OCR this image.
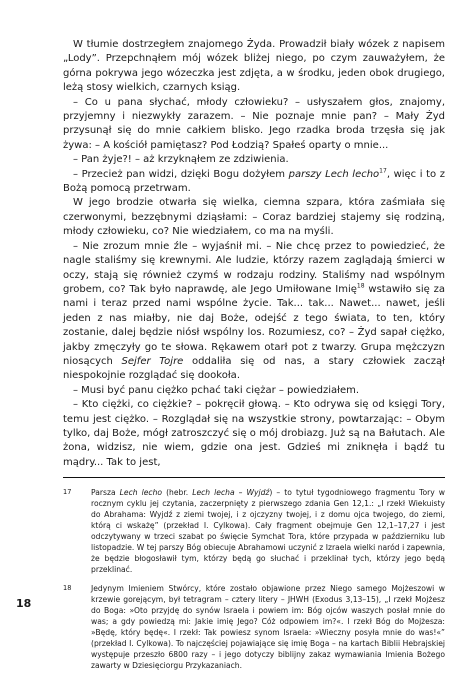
W tłumie dostrzegłem znajomego Żyda. Prowadził biały wózek z napisem „Lody”. Przepchnąłem mój wózek bliżej niego, po czym zauważyłem, że górna pokrywa jego wózeczka jest zdjęta, a w środku, jeden obok drugiego, leżą stosy wielkich, czarnych ksiąg.

– Co u pana słychać, młody człowieku? – usłyszałem głos, znajomy, przyjemny i niezwykły zarazem. – Nie poznaje mnie pan? – Mały Żyd przysunął się do mnie całkiem blisko. Jego rzadka broda trzęsła się jak żywa: – A kościół pamiętasz? Pod Łodzią? Spałeś oparty o mnie...

– Pan żyje?! – aż krzyknąłem ze zdziwienia.

– Przecież pan widzi, dzięki Bogu dożyłem parszy Lech lecho$^{17}$, więc i to z Bożą pomocą przetrwam.

W jego brodzie otwarła się wielka, ciemna szpara, która zaśmiała się czerwonymi, bezzębnymi dziąsłami: – Coraz bardziej stajemy się rodziną, młody człowieku, co? Nie wiedziałem, co ma na myśli.

– Nie zrozum mnie źle – wyjaśnił mi. – Nie chcę przez to powiedzieć, że nagle staliśmy się krewnymi. Ale ludzie, którzy razem zaglądają śmierci w oczy, stają się również czymś w rodzaju rodziny. Staliśmy nad wspólnym grobem, co? Tak było naprawdę, ale Jego Umiłowane Imię$^{18}$ wstawiło się za nami i teraz przed nami wspólne życie. Tak... tak... Nawet... nawet, jeśli jeden z nas miałby, nie daj Boże, odejść z tego świata, to ten, który zostanie, dalej będzie niósł wspólny los. Rozumiesz, co? – Żyd sapał ciężko, jakby zmęczyły go te słowa. Rękawem otarł pot z twarzy. Grupa mężczyzn niosących Sejfer Tojre oddaliła się od nas, a stary człowiek zaczął niespokojnie rozglądać się dookoła.

– Musi być panu ciężko pchać taki ciężar – powiedziałem.

– Kto ciężki, co ciężkie? – pokręcił głową. – Kto odrywa się od księgi Tory, temu jest ciężko. – Rozglądał się na wszystkie strony, powtarzając: – Obym tylko, daj Boże, mógł zatroszczyć się o mój drobiazg. Już są na Bałutach. Ale żona, widzisz, nie wiem, gdzie ona jest. Gdzieś mi zniknęła i bądź tu mądry... Tak to jest,

17	Parsza Lech lecho (hebr. Lech lecha – Wyjdź) – to tytuł tygodniowego fragmentu Tory w rocznym cyklu jej czytania, zaczerpnięty z pierwszego zdania Gen 12,1.: „I rzekł Wiekuisty do Abrahama: Wyjdź z ziemi twojej, i z ojczyzny twojej, i z domu ojca twojego, do ziemi, którą ci wskażę” (przekład I. Cylkowa). Cały fragment obejmuje Gen 12,1–17,27 i jest odczytywany w trzeci szabat po święcie Symchat Tora, które przypada w październiku lub listopadzie. W tej parszy Bóg obiecuje Abrahamowi uczynić z Izraela wielki naród i zapewnia, że będzie błogosławił tym, którzy będą go słuchać i przeklinał tych, którzy jego będą przeklinać.
18	Jedynym Imieniem Stwórcy, które zostało objawione przez Niego samego Mojżeszowi w krzewie gorejącym, był tetragram – cztery litery – JHWH (Exodus 3,13–15), „I rzekł Mojżesz do Boga: »Oto przyjdę do synów Israela i powiem im: Bóg ojców waszych posłał mnie do was; a gdy powiedzą mi: Jakie imię Jego? Cóż odpowiem im?«. I rzekł Bóg do Mojżesza: »Będę, który będę«. I rzekł: Tak powiesz synom Israela: »Wieczny posyła mnie do was!«” (przekład I. Cylkowa). To najczęściej pojawiające się imię Boga – na kartach Biblii Hebrajskiej występuje przeszło 6800 razy – i jego dotyczy biblijny zakaz wymawiania Imienia Bożego zawarty w Dziesięciorgu Przykazaniach.
18
